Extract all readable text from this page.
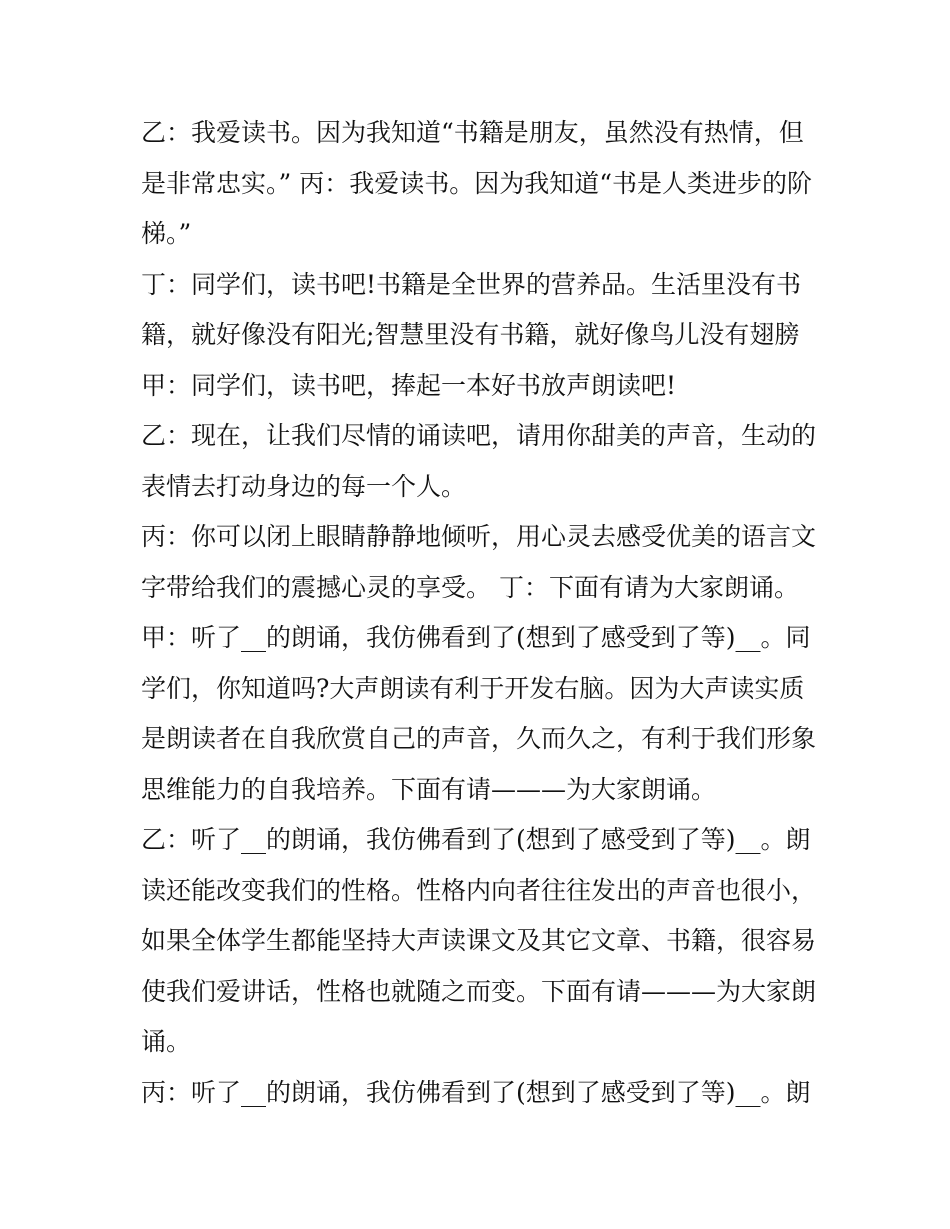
乙：我爱读书。因为我知道“书籍是朋友，虽然没有热情，但是非常忠实。” 丙：我爱读书。因为我知道“书是人类进步的阶梯。”

丁：同学们，读书吧!书籍是全世界的营养品。生活里没有书籍，就好像没有阳光;智慧里没有书籍，就好像鸟儿没有翅膀

甲：同学们，读书吧，捧起一本好书放声朗读吧!

乙：现在，让我们尽情的诵读吧，请用你甜美的声音，生动的表情去打动身边的每一个人。

丙：你可以闭上眼睛静静地倾听，用心灵去感受优美的语言文字带给我们的震撼心灵的享受。 丁：下面有请为大家朗诵。

甲：听了__的朗诵，我仿佛看到了(想到了感受到了等)__。同学们，你知道吗?大声朗读有利于开发右脑。因为大声读实质是朗读者在自我欣赏自己的声音，久而久之，有利于我们形象思维能力的自我培养。下面有请———为大家朗诵。

乙：听了__的朗诵，我仿佛看到了(想到了感受到了等)__。朗读还能改变我们的性格。性格内向者往往发出的声音也很小，如果全体学生都能坚持大声读课文及其它文章、书籍，很容易使我们爱讲话，性格也就随之而变。下面有请———为大家朗诵。

丙：听了__的朗诵，我仿佛看到了(想到了感受到了等)__。朗
